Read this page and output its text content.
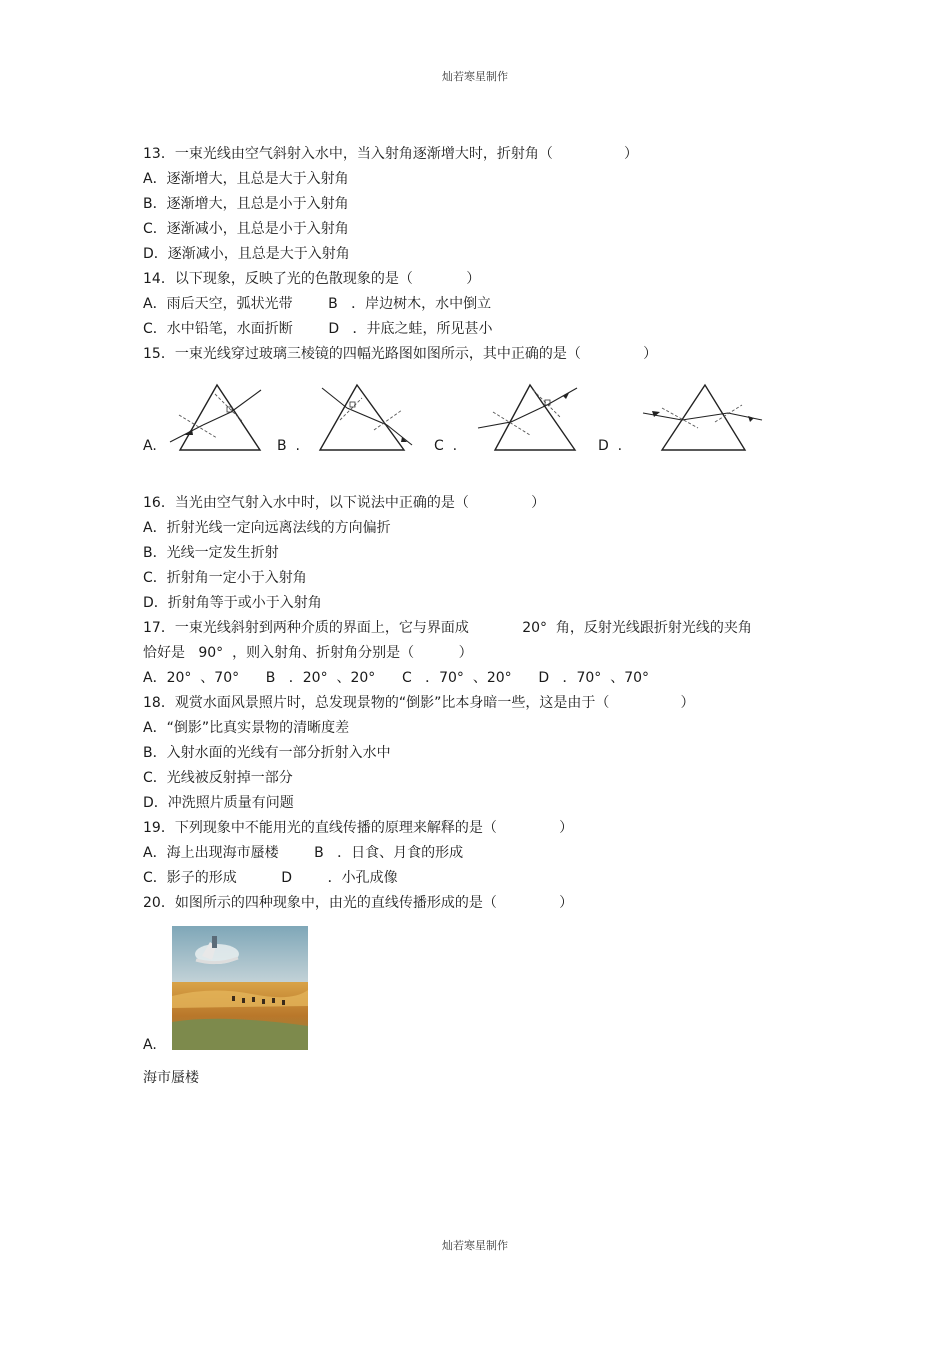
灿若寒星制作
13．一束光线由空气斜射入水中，当入射角逐渐增大时，折射角（                ）
A．逐渐增大，且总是大于入射角
B．逐渐增大，且总是小于入射角
C．逐渐减小，且总是小于入射角
D．逐渐减小，且总是大于入射角
14．以下现象，反映了光的色散现象的是（            ）
A．雨后天空，弧状光带        B   ．岸边树木，水中倒立
C．水中铅笔，水面折断        D   ．井底之蛙，所见甚小
15．一束光线穿过玻璃三棱镜的四幅光路图如图所示，其中正确的是（              ）
A.	B  .	C  .	D  .
16．当光由空气射入水中时，以下说法中正确的是（              ）
A．折射光线一定向远离法线的方向偏折
B．光线一定发生折射
C．折射角一定小于入射角
D．折射角等于或小于入射角
17．一束光线斜射到两种介质的界面上，它与界面成            20°  角，反射光线跟折射光线的夹角
恰好是   90°  ，则入射角、折射角分别是（          ）
A．20°  、70°      B   ．20°  、20°      C   ．70°  、20°      D   ．70°  、70°
18．观赏水面风景照片时，总发现景物的“倒影”比本身暗一些，这是由于（                ）
A．“倒影”比真实景物的清晰度差
B．入射水面的光线有一部分折射入水中
C．光线被反射掉一部分
D．冲洗照片质量有问题
19．下列现象中不能用光的直线传播的原理来解释的是（              ）
A．海上出现海市蜃楼        B   ．日食、月食的形成
C．影子的形成          D        ．小孔成像
20．如图所示的四种现象中，由光的直线传播形成的是（              ）
A.
海市蜃楼
灿若寒星制作
